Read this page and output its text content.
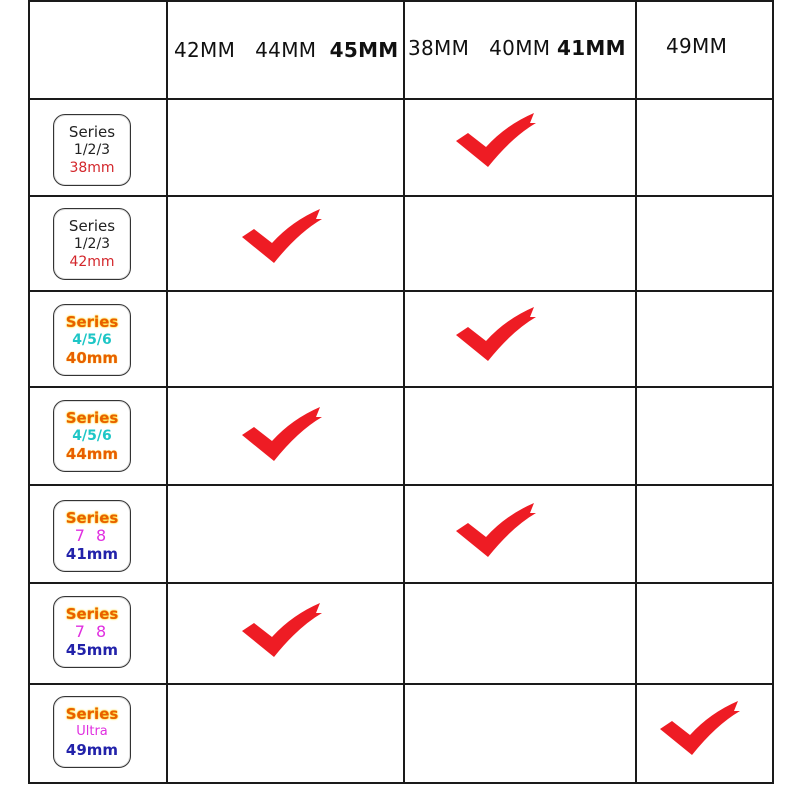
42MM 44MM 45MM 38MM 40MM 41MM 49MM
Series
1/2/3
38mm
Series
1/2/3
42mm
Series
4/5/6
40mm
Series
4/5/6
44mm
Series
7 8
41mm
Series
7 8
45mm
Series
Ultra
49mm
